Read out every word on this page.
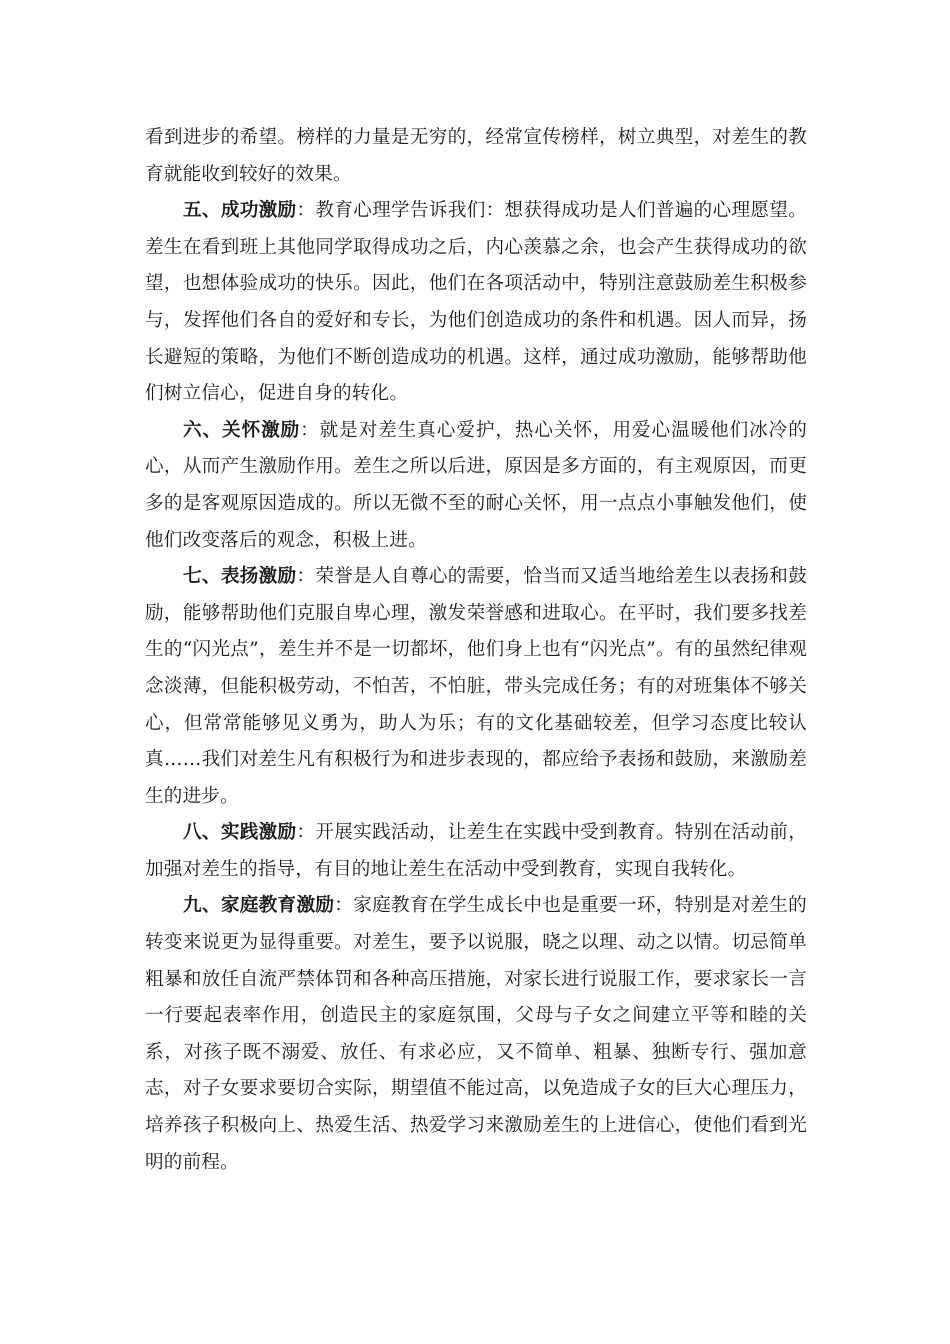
看到进步的希望。榜样的力量是无穷的，经常宣传榜样，树立典型，对差生的教育就能收到较好的效果。

五、成功激励：教育心理学告诉我们：想获得成功是人们普遍的心理愿望。差生在看到班上其他同学取得成功之后，内心羡慕之余，也会产生获得成功的欲望，也想体验成功的快乐。因此，他们在各项活动中，特别注意鼓励差生积极参与，发挥他们各自的爱好和专长，为他们创造成功的条件和机遇。因人而异，扬长避短的策略，为他们不断创造成功的机遇。这样，通过成功激励，能够帮助他们树立信心，促进自身的转化。

六、关怀激励：就是对差生真心爱护，热心关怀，用爱心温暖他们冰冷的心，从而产生激励作用。差生之所以后进，原因是多方面的，有主观原因，而更多的是客观原因造成的。所以无微不至的耐心关怀，用一点点小事触发他们，使他们改变落后的观念，积极上进。

七、表扬激励：荣誉是人自尊心的需要，恰当而又适当地给差生以表扬和鼓励，能够帮助他们克服自卑心理，激发荣誉感和进取心。在平时，我们要多找差生的“闪光点”，差生并不是一切都坏，他们身上也有“闪光点”。有的虽然纪律观念淡薄，但能积极劳动，不怕苦，不怕脏，带头完成任务；有的对班集体不够关心，但常常能够见义勇为，助人为乐；有的文化基础较差，但学习态度比较认真……我们对差生凡有积极行为和进步表现的，都应给予表扬和鼓励，来激励差生的进步。

八、实践激励：开展实践活动，让差生在实践中受到教育。特别在活动前，加强对差生的指导，有目的地让差生在活动中受到教育，实现自我转化。

九、家庭教育激励：家庭教育在学生成长中也是重要一环，特别是对差生的转变来说更为显得重要。对差生，要予以说服，晓之以理、动之以情。切忌简单粗暴和放任自流严禁体罚和各种高压措施，对家长进行说服工作，要求家长一言一行要起表率作用，创造民主的家庭氛围，父母与子女之间建立平等和睦的关系，对孩子既不溺爱、放任、有求必应，又不简单、粗暴、独断专行、强加意志，对子女要求要切合实际，期望值不能过高，以免造成子女的巨大心理压力，培养孩子积极向上、热爱生活、热爱学习来激励差生的上进信心，使他们看到光明的前程。
